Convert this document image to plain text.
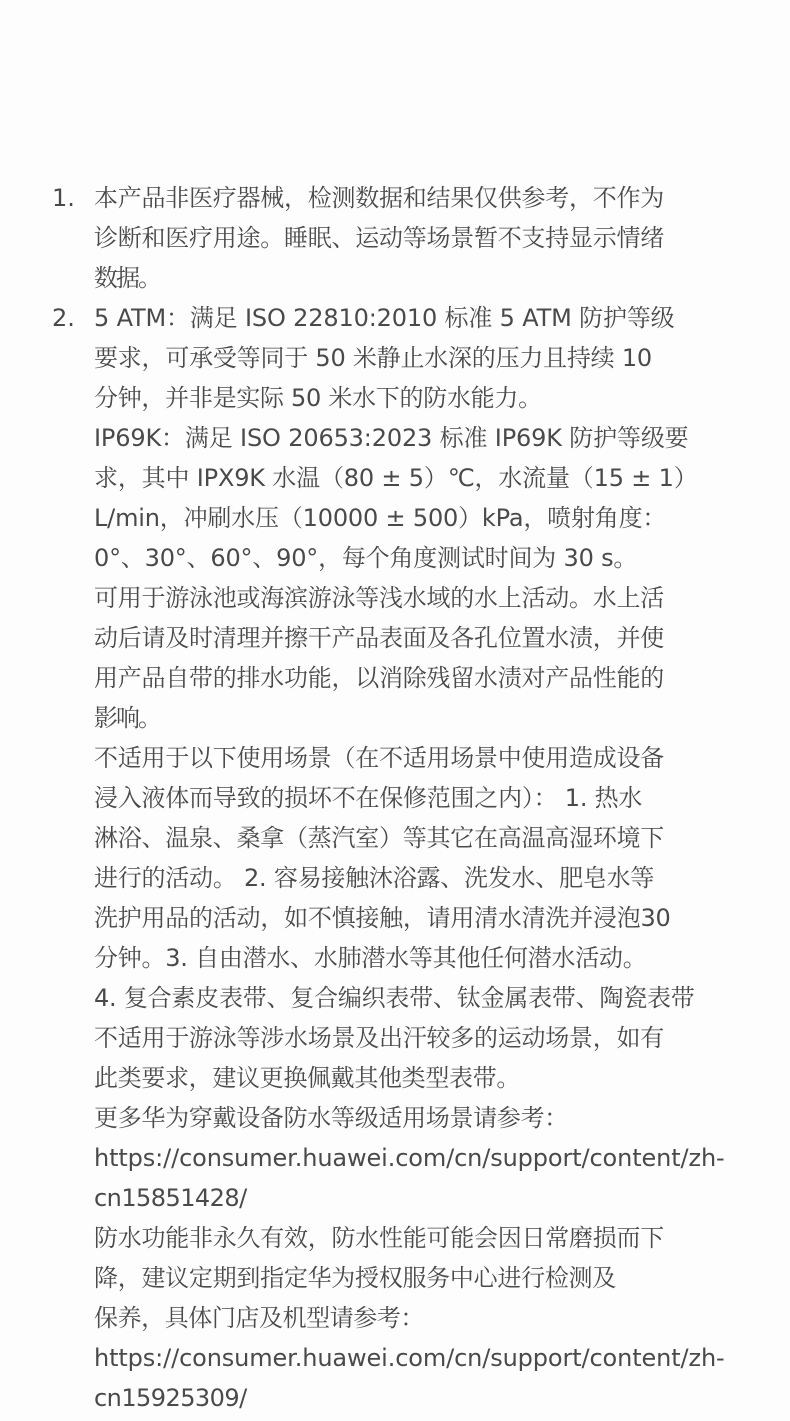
1. 本产品非医疗器械，检测数据和结果仅供参考，不作为
诊断和医疗用途。睡眠、运动等场景暂不支持显示情绪
数据。
2. 5 ATM：满足 ISO 22810:2010 标准 5 ATM 防护等级
要求，可承受等同于 50 米静止水深的压力且持续 10
分钟，并非是实际 50 米水下的防水能力。
IP69K：满足 ISO 20653:2023 标准 IP69K 防护等级要
求，其中 IPX9K 水温（80 ± 5）℃，水流量（15 ± 1）
L/min，冲刷水压（10000 ± 500）kPa，喷射角度：
0°、30°、60°、90°，每个角度测试时间为 30 s。
可用于游泳池或海滨游泳等浅水域的水上活动。水上活
动后请及时清理并擦干产品表面及各孔位置水渍，并使
用产品自带的排水功能，以消除残留水渍对产品性能的
影响。
不适用于以下使用场景（在不适用场景中使用造成设备
浸入液体而导致的损坏不在保修范围之内）： 1. 热水
淋浴、温泉、桑拿（蒸汽室）等其它在高温高湿环境下
进行的活动。 2. 容易接触沐浴露、洗发水、肥皂水等
洗护用品的活动，如不慎接触，请用清水清洗并浸泡30
分钟。3. 自由潜水、水肺潜水等其他任何潜水活动。
4. 复合素皮表带、复合编织表带、钛金属表带、陶瓷表带
不适用于游泳等涉水场景及出汗较多的运动场景，如有
此类要求，建议更换佩戴其他类型表带。
更多华为穿戴设备防水等级适用场景请参考：
https://consumer.huawei.com/cn/support/content/zh-
cn15851428/
防水功能非永久有效，防水性能可能会因日常磨损而下
降，建议定期到指定华为授权服务中心进行检测及
保养，具体门店及机型请参考：
https://consumer.huawei.com/cn/support/content/zh-
cn15925309/
